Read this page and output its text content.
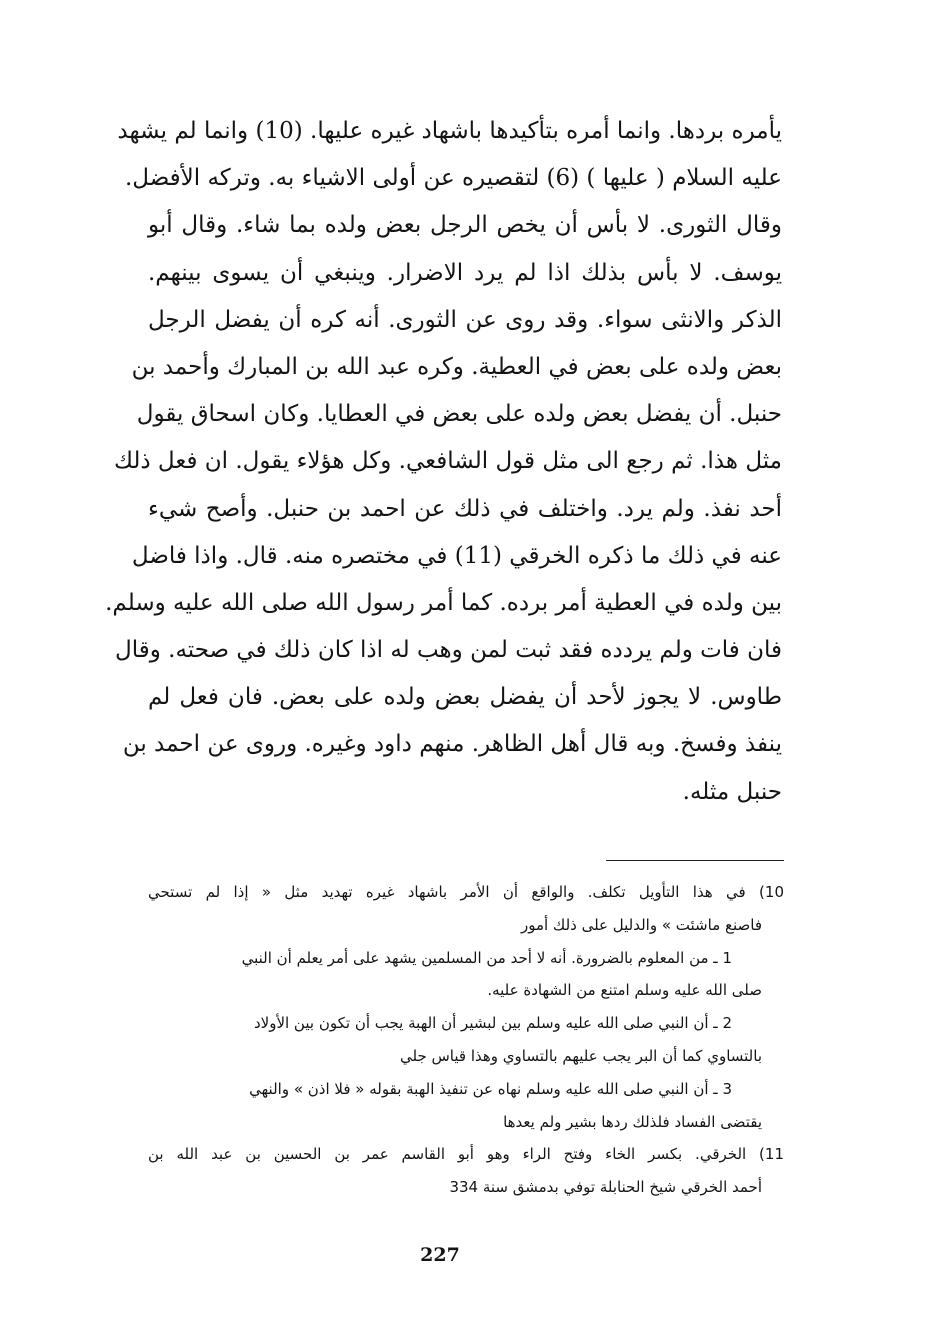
يأمره بردها. وانما أمره بتأكيدها باشهاد غيره عليها. (10) وانما لم يشهد
عليه السلام ( عليها ) (6) لتقصيره عن أولى الاشياء به. وتركه الأفضل.
وقال الثورى. لا بأس أن يخص الرجل بعض ولده بما شاء. وقال أبو
يوسف. لا بأس بذلك اذا لم يرد الاضرار. وينبغي أن يسوى بينهم.
الذكر والانثى سواء. وقد روى عن الثورى. أنه كره أن يفضل الرجل
بعض ولده على بعض في العطية. وكره عبد الله بن المبارك وأحمد بن
حنبل. أن يفضل بعض ولده على بعض في العطايا. وكان اسحاق يقول
مثل هذا. ثم رجع الى مثل قول الشافعي. وكل هؤلاء يقول. ان فعل ذلك
أحد نفذ. ولم يرد. واختلف في ذلك عن احمد بن حنبل. وأصح شيء
عنه في ذلك ما ذكره الخرقي (11) في مختصره منه. قال. واذا فاضل
بين ولده في العطية أمر برده. كما أمر رسول الله صلى الله عليه وسلم.
فان فات ولم يردده فقد ثبت لمن وهب له اذا كان ذلك في صحته. وقال
طاوس. لا يجوز لأحد أن يفضل بعض ولده على بعض. فان فعل لم
ينفذ وفسخ. وبه قال أهل الظاهر. منهم داود وغيره. وروى عن احمد بن
حنبل مثله.
10) في هذا التأويل تكلف. والواقع أن الأمر باشهاد غيره تهديد مثل « إذا لم تستحي
فاصنع ماشئت » والدليل على ذلك أمور
1 ـ من المعلوم بالضرورة. أنه لا أحد من المسلمين يشهد على أمر يعلم أن النبي
صلى الله عليه وسلم امتنع من الشهادة عليه.
2 ـ أن النبي صلى الله عليه وسلم بين لبشير أن الهبة يجب أن تكون بين الأولاد
بالتساوي كما أن البر يجب عليهم بالتساوي وهذا قياس جلي
3 ـ أن النبي صلى الله عليه وسلم نهاه عن تنفيذ الهبة بقوله « فلا اذن » والنهي
يقتضى الفساد فلذلك ردها بشير ولم يعدها
11) الخرقي. بكسر الخاء وفتح الراء وهو أبو القاسم عمر بن الحسين بن عبد الله بن
أحمد الخرقي شيخ الحنابلة توفي بدمشق سنة 334
227
